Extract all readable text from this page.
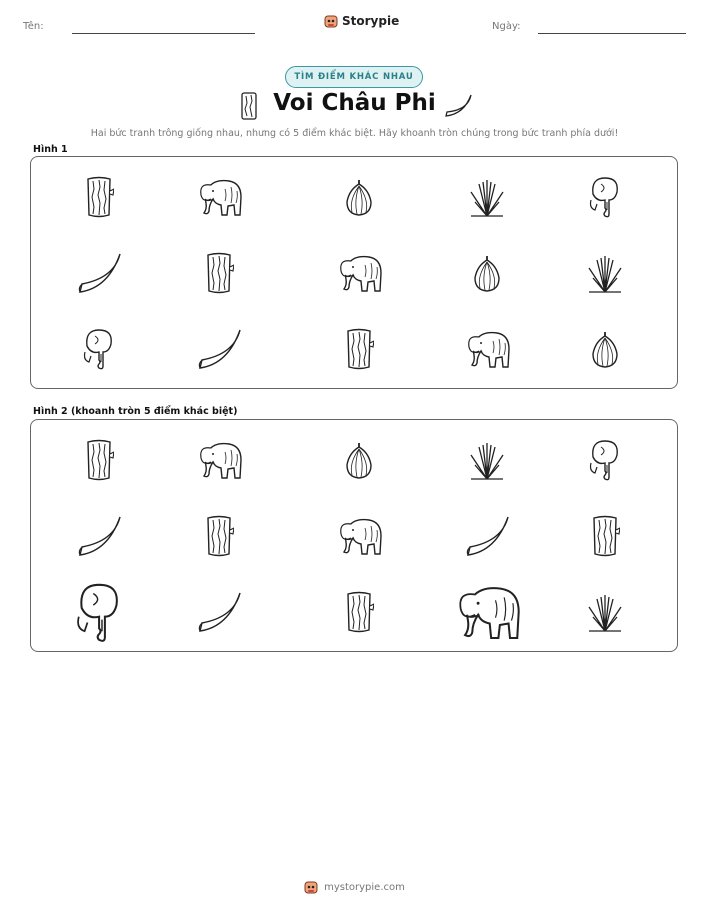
Tên:	Storypie	Ngày:
TÌM ĐIỂM KHÁC NHAU
Voi Châu Phi
Hai bức tranh trông giống nhau, nhưng có 5 điểm khác biệt. Hãy khoanh tròn chúng trong bức tranh phía dưới!
Hình 1
Hình 2 (khoanh tròn 5 điểm khác biệt)
mystorypie.com
